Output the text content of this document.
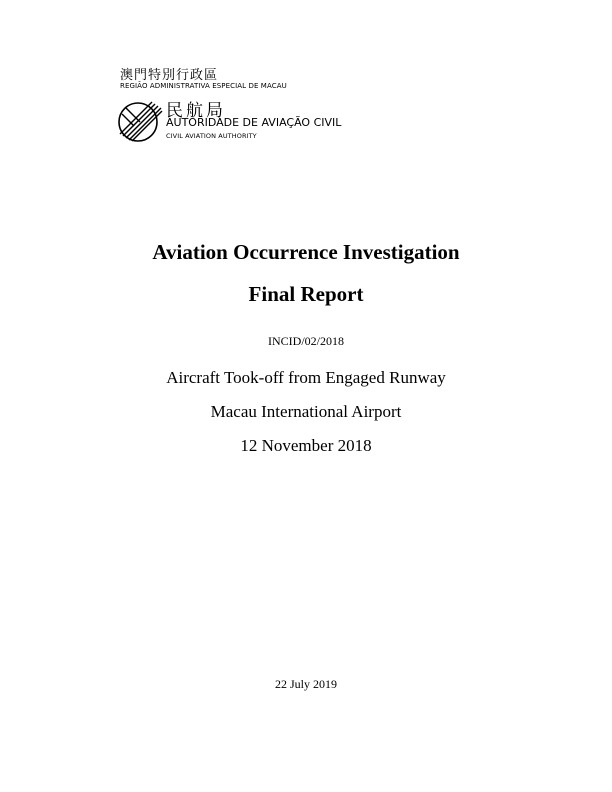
澳門特別行政區
REGIÃO ADMINISTRATIVA ESPECIAL DE MACAU
民航局
AUTORIDADE DE AVIAÇÃO CIVIL
CIVIL AVIATION AUTHORITY
Aviation Occurrence Investigation
Final Report
INCID/02/2018
Aircraft Took-off from Engaged Runway
Macau International Airport
12 November 2018
22 July 2019
